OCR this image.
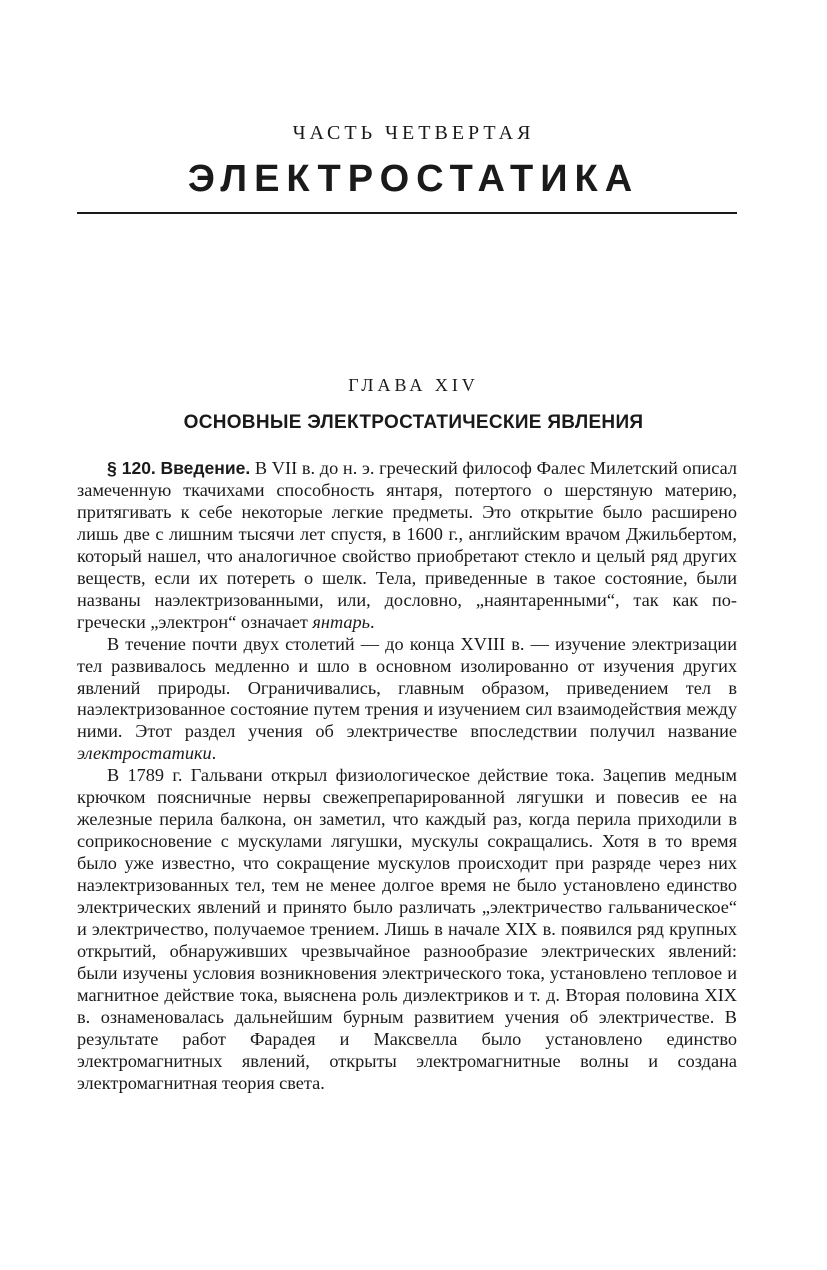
ЧАСТЬ ЧЕТВЕРТАЯ
ЭЛЕКТРОСТАТИКА
ГЛАВА XIV
ОСНОВНЫЕ ЭЛЕКТРОСТАТИЧЕСКИЕ ЯВЛЕНИЯ

§ 120. Введение. В VII в. до н. э. греческий философ Фалес Милетский описал замеченную ткачихами способность янтаря, потертого о шерстяную материю, притягивать к себе некоторые легкие предметы. Это открытие было расширено лишь две с лишним тысячи лет спустя, в 1600 г., английским врачом Джильбертом, который нашел, что аналогичное свойство приобретают стекло и целый ряд других веществ, если их потереть о шелк. Тела, приведенные в такое состояние, были названы наэлектризованными, или, дословно, „наянтаренными“, так как по-гречески „электрон“ означает янтарь.

В течение почти двух столетий — до конца XVIII в. — изучение электризации тел развивалось медленно и шло в основном изолированно от изучения других явлений природы. Ограничивались, главным образом, приведением тел в наэлектризованное состояние путем трения и изучением сил взаимодействия между ними. Этот раздел учения об электричестве впоследствии получил название электростатики.

В 1789 г. Гальвани открыл физиологическое действие тока. Зацепив медным крючком поясничные нервы свежепрепарированной лягушки и повесив ее на железные перила балкона, он заметил, что каждый раз, когда перила приходили в соприкосновение с мускулами лягушки, мускулы сокращались. Хотя в то время было уже известно, что сокращение мускулов происходит при разряде через них наэлектризованных тел, тем не менее долгое время не было установлено единство электрических явлений и принято было различать „электричество гальваническое“ и электричество, получаемое трением. Лишь в начале XIX в. появился ряд крупных открытий, обнаруживших чрезвычайное разнообразие электрических явлений: были изучены условия возникновения электрического тока, установлено тепловое и магнитное действие тока, выяснена роль диэлектриков и т. д. Вторая половина XIX в. ознаменовалась дальнейшим бурным развитием учения об электричестве. В результате работ Фарадея и Максвелла было установлено единство электромагнитных явлений, открыты электромагнитные волны и создана электромагнитная теория света.
